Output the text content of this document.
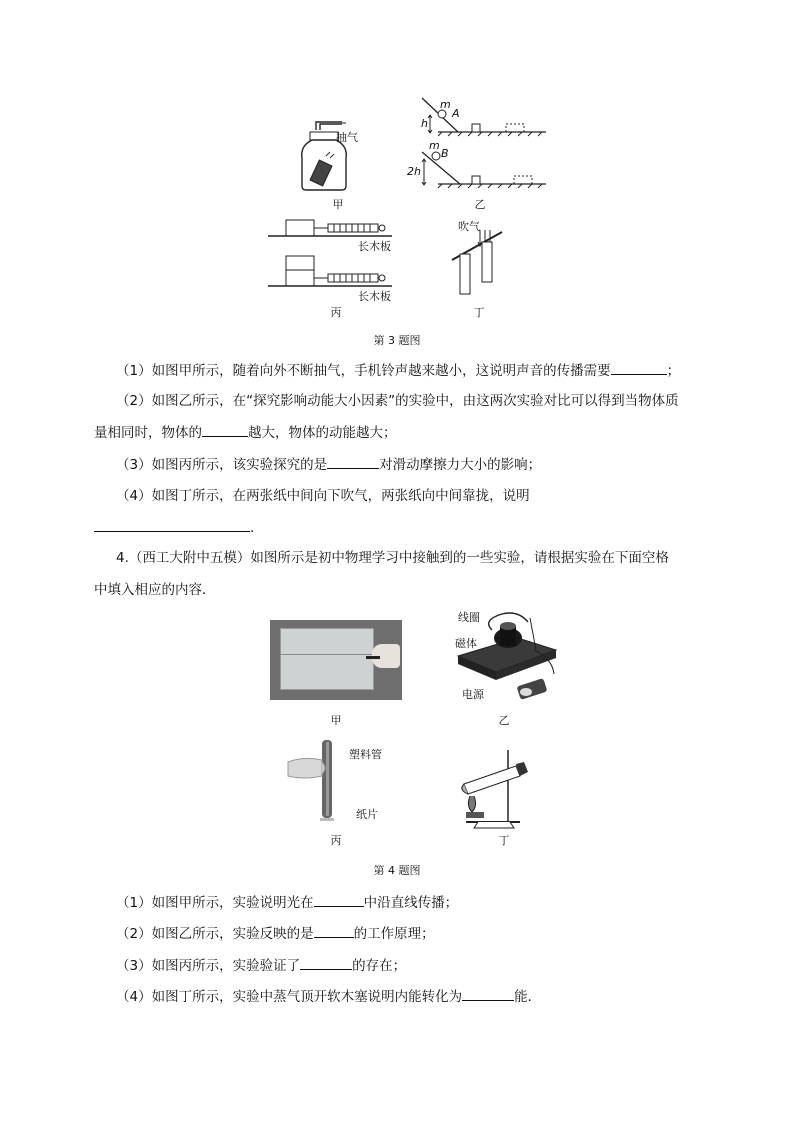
抽气
甲
m
A
h
m
B
2h
乙
长木板
长木板
丙
吹气
丁
第 3 题图
（1）如图甲所示，随着向外不断抽气，手机铃声越来越小，这说明声音的传播需要	；
（2）如图乙所示，在“探究影响动能大小因素”的实验中，由这两次实验对比可以得到当物体质
量相同时，物体的	越大，物体的动能越大；
（3）如图丙所示，该实验探究的是	对滑动摩擦力大小的影响；
（4）如图丁所示，在两张纸中间向下吹气，两张纸向中间靠拢，说明
.
4.（西工大附中五模）如图所示是初中物理学习中接触到的一些实验，请根据实验在下面空格
中填入相应的内容．
甲
线圈
磁体
电源
乙
塑料管
纸片
丙	丁
第 4 题图
（1）如图甲所示，实验说明光在	中沿直线传播；
（2）如图乙所示，实验反映的是	的工作原理；
（3）如图丙所示，实验验证了	的存在；
（4）如图丁所示，实验中蒸气顶开软木塞说明内能转化为	能．
